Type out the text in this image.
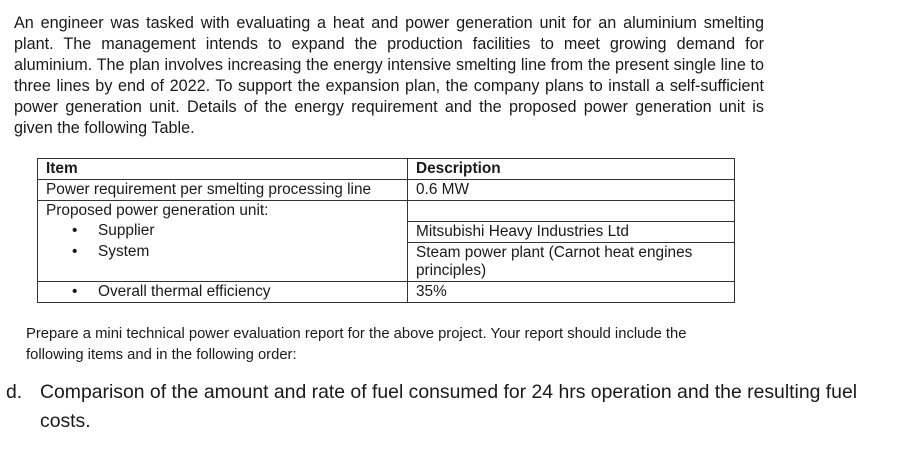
An engineer was tasked with evaluating a heat and power generation unit for an aluminium smelting plant. The management intends to expand the production facilities to meet growing demand for aluminium. The plan involves increasing the energy intensive smelting line from the present single line to three lines by end of 2022. To support the expansion plan, the company plans to install a self-sufficient power generation unit. Details of the energy requirement and the proposed power generation unit is given the following Table.

Item	Description
Power requirement per smelting processing line	0.6 MW
Proposed power generation unit:	
• Supplier	Mitsubishi Heavy Industries Ltd
• System	Steam power plant (Carnot heat engines principles)
• Overall thermal efficiency	35%

Prepare a mini technical power evaluation report for the above project. Your report should include the following items and in the following order:

d. Comparison of the amount and rate of fuel consumed for 24 hrs operation and the resulting fuel costs.
